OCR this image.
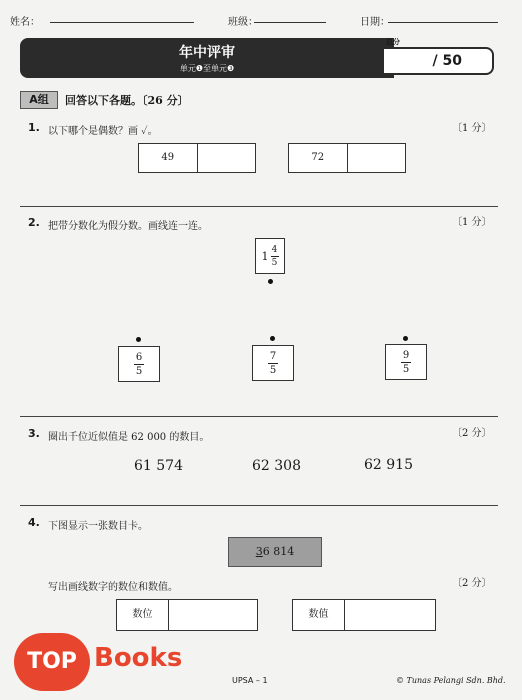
姓名：	班级：	日期：
年中评审
单元❶至单元❸
总分
/ 50
A组	回答以下各题。〔26 分〕
1. 以下哪个是偶数？画 ✓。	〔1 分〕
49	72
2. 把带分数化为假分数。画线连一连。	〔1 分〕
$1 \frac{4}{5}$
6
5
7
5
9
5
3. 圈出千位近似值是 62 000 的数目。	〔2 分〕
61 574	62 308	62 915
4. 下图显示一张数目卡。
36 814
写出画线数字的数位和数值。	〔2 分〕
数位	数值
TOP Books
UPSA – 1	© Tunas Pelangi Sdn. Bhd.
